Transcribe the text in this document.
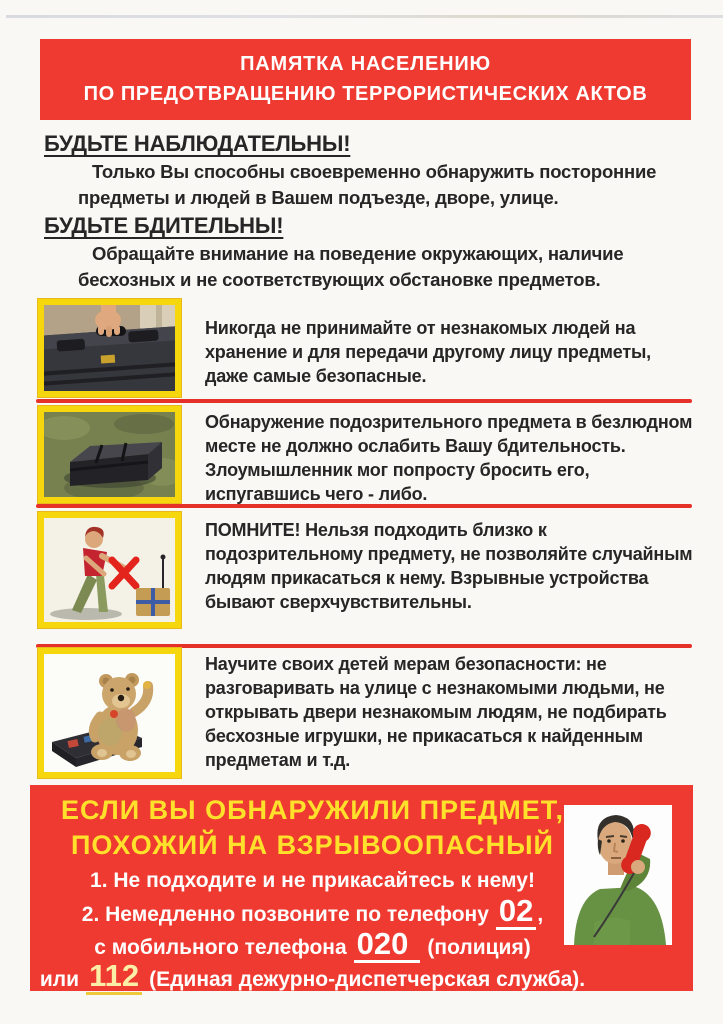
ПАМЯТКА НАСЕЛЕНИЮ
ПО ПРЕДОТВРАЩЕНИЮ ТЕРРОРИСТИЧЕСКИХ АКТОВ
БУДЬТЕ НАБЛЮДАТЕЛЬНЫ!
Только Вы способны своевременно обнаружить посторонние предметы и людей в Вашем подъезде, дворе, улице.
БУДЬТЕ БДИТЕЛЬНЫ!
Обращайте внимание на поведение окружающих, наличие бесхозных и не соответствующих обстановке предметов.
Никогда не принимайте от незнакомых людей на хранение и для передачи другому лицу предметы, даже самые безопасные.
Обнаружение подозрительного предмета в безлюдном месте не должно ослабить Вашу бдительность. Злоумышленник мог попросту бросить его, испугавшись чего - либо.
ПОМНИТЕ! Нельзя подходить близко к подозрительному предмету, не позволяйте случайным людям прикасаться к нему. Взрывные устройства бывают сверхчувствительны.
Научите своих детей мерам безопасности: не разговаривать на улице с незнакомыми людьми, не открывать двери незнакомым людям, не подбирать бесхозные игрушки, не прикасаться к найденным предметам и т.д.
ЕСЛИ ВЫ ОБНАРУЖИЛИ ПРЕДМЕТ,
ПОХОЖИЙ НА ВЗРЫВООПАСНЫЙ
1. Не подходите и не прикасайтесь к нему!
2. Немедленно позвоните по телефону 02 ,
с мобильного телефона 020 (полиция)
или 112 (Единая дежурно-диспетчерская служба).
